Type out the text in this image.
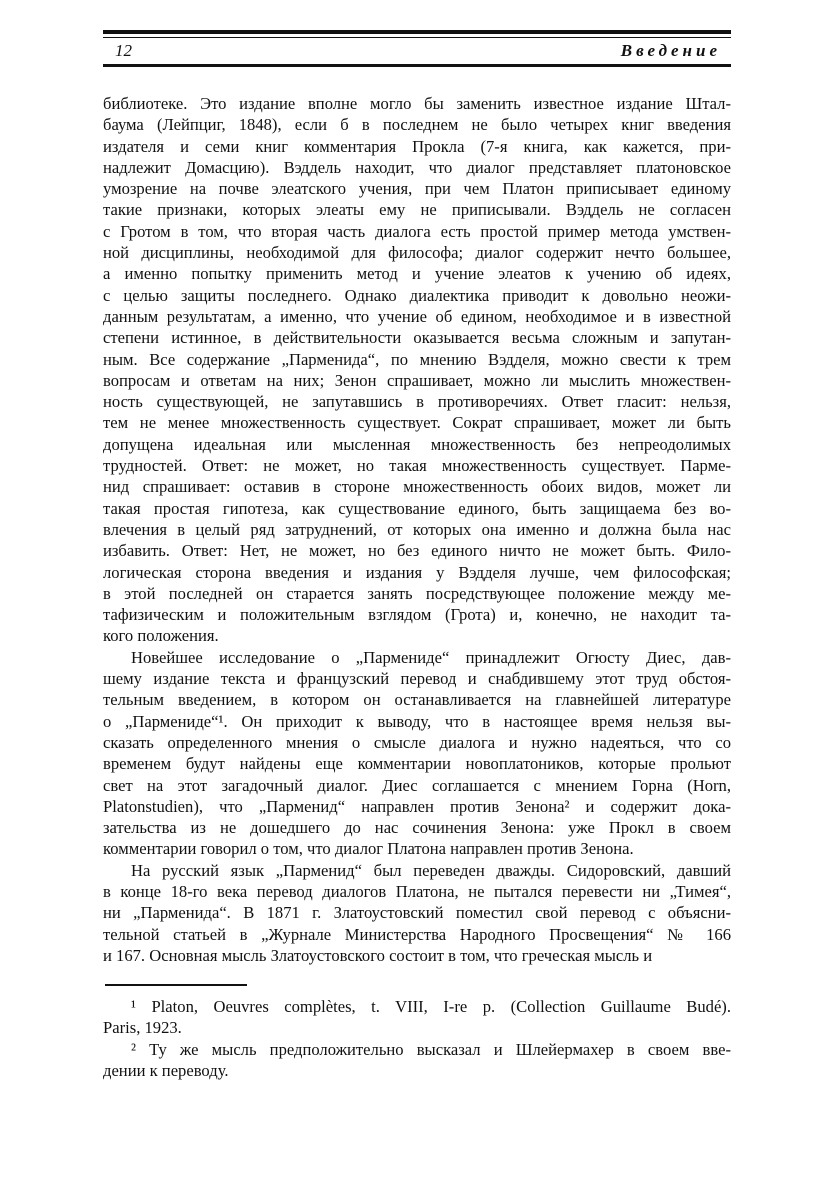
12	Введение
библиотеке. Это издание вполне могло бы заменить известное издание Штал-
баума (Лейпциг, 1848), если б в последнем не было четырех книг введения
издателя и семи книг комментария Прокла (7-я книга, как кажется, при-
надлежит Домасцию). Вэддель находит, что диалог представляет платоновское
умозрение на почве элеатского учения, при чем Платон приписывает единому
такие признаки, которых элеаты ему не приписывали. Вэддель не согласен
с Гротом в том, что вторая часть диалога есть простой пример метода умствен-
ной дисциплины, необходимой для философа; диалог содержит нечто большее,
а именно попытку применить метод и учение элеатов к учению об идеях,
с целью защиты последнего. Однако диалектика приводит к довольно неожи-
данным результатам, а именно, что учение об едином, необходимое и в известной
степени истинное, в действительности оказывается весьма сложным и запутан-
ным. Все содержание „Парменида“, по мнению Вэдделя, можно свести к трем
вопросам и ответам на них; Зенон спрашивает, можно ли мыслить множествен-
ность существующей, не запутавшись в противоречиях. Ответ гласит: нельзя,
тем не менее множественность существует. Сократ спрашивает, может ли быть
допущена идеальная или мысленная множественность без непреодолимых
трудностей. Ответ: не может, но такая множественность существует. Парме-
нид спрашивает: оставив в стороне множественность обоих видов, может ли
такая простая гипотеза, как существование единого, быть защищаема без во-
влечения в целый ряд затруднений, от которых она именно и должна была нас
избавить. Ответ: Нет, не может, но без единого ничто не может быть. Фило-
логическая сторона введения и издания у Вэдделя лучше, чем философская;
в этой последней он старается занять посредствующее положение между ме-
тафизическим и положительным взглядом (Грота) и, конечно, не находит та-
кого положения.
Новейшее исследование о „Пармениде“ принадлежит Огюсту Диес, дав-
шему издание текста и французский перевод и снабдившему этот труд обстоя-
тельным введением, в котором он останавливается на главнейшей литературе
о „Пармениде“¹. Он приходит к выводу, что в настоящее время нельзя вы-
сказать определенного мнения о смысле диалога и нужно надеяться, что со
временем будут найдены еще комментарии новоплатоников, которые прольют
свет на этот загадочный диалог. Диес соглашается с мнением Горна (Horn,
Platonstudien), что „Парменид“ направлен против Зенона² и содержит дока-
зательства из не дошедшего до нас сочинения Зенона: уже Прокл в своем
комментарии говорил о том, что диалог Платона направлен против Зенона.
На русский язык „Парменид“ был переведен дважды. Сидоровский, давший
в конце 18-го века перевод диалогов Платона, не пытался перевести ни „Тимея“,
ни „Парменида“. В 1871 г. Златоустовский поместил свой перевод с объясни-
тельной статьей в „Журнале Министерства Народного Просвещения“ № 166
и 167. Основная мысль Златоустовского состоит в том, что греческая мысль и
¹ Platon, Oeuvres complètes, t. VIII, I-re p. (Collection Guillaume Budé).
Paris, 1923.
² Ту же мысль предположительно высказал и Шлейермахер в своем вве-
дении к переводу.
